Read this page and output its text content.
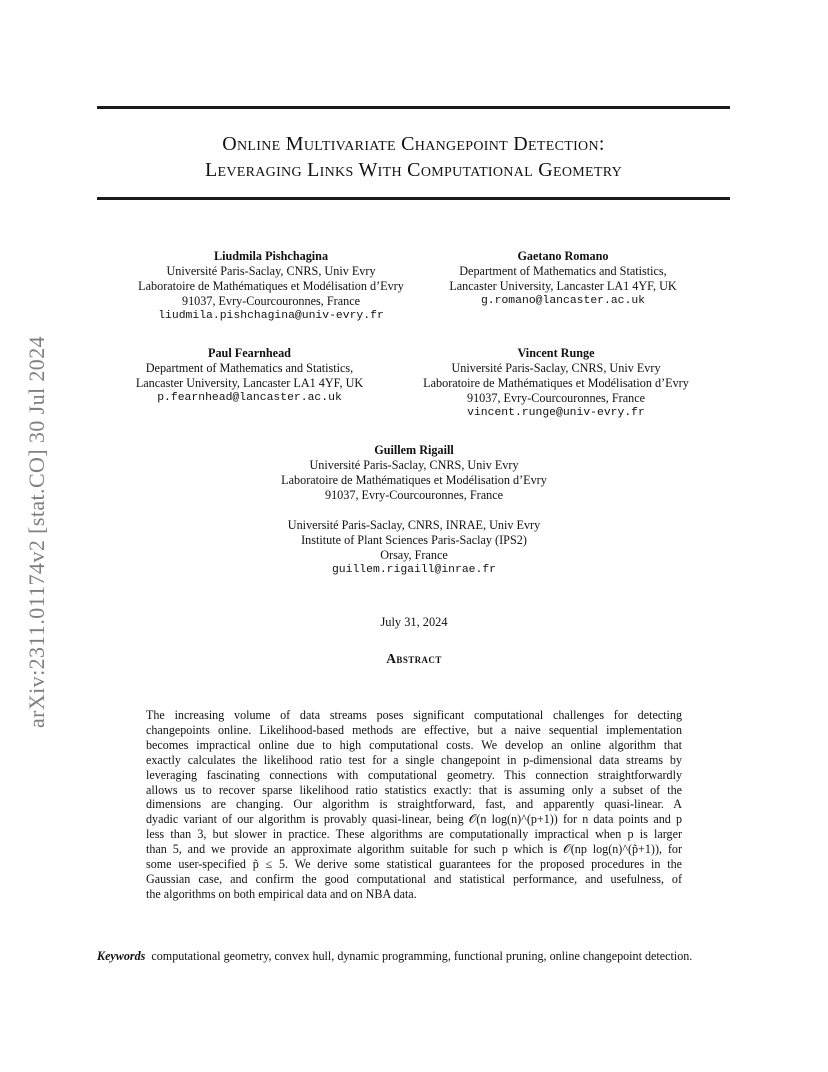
arXiv:2311.01174v2 [stat.CO] 30 Jul 2024
Online Multivariate Changepoint Detection:
Leveraging Links With Computational Geometry
Liudmila Pishchagina
Université Paris-Saclay, CNRS, Univ Evry
Laboratoire de Mathématiques et Modélisation d’Evry
91037, Evry-Courcouronnes, France
liudmila.pishchagina@univ-evry.fr
Gaetano Romano
Department of Mathematics and Statistics,
Lancaster University, Lancaster LA1 4YF, UK
g.romano@lancaster.ac.uk
Paul Fearnhead
Department of Mathematics and Statistics,
Lancaster University, Lancaster LA1 4YF, UK
p.fearnhead@lancaster.ac.uk
Vincent Runge
Université Paris-Saclay, CNRS, Univ Evry
Laboratoire de Mathématiques et Modélisation d’Evry
91037, Evry-Courcouronnes, France
vincent.runge@univ-evry.fr
Guillem Rigaill
Université Paris-Saclay, CNRS, Univ Evry
Laboratoire de Mathématiques et Modélisation d’Evry
91037, Evry-Courcouronnes, France
Université Paris-Saclay, CNRS, INRAE, Univ Evry
Institute of Plant Sciences Paris-Saclay (IPS2)
Orsay, France
guillem.rigaill@inrae.fr
July 31, 2024
Abstract
The increasing volume of data streams poses significant computational challenges for detecting
changepoints online. Likelihood-based methods are effective, but a naive sequential implementation
becomes impractical online due to high computational costs. We develop an online algorithm that
exactly calculates the likelihood ratio test for a single changepoint in p-dimensional data streams by
leveraging fascinating connections with computational geometry. This connection straightforwardly
allows us to recover sparse likelihood ratio statistics exactly: that is assuming only a subset of the
dimensions are changing. Our algorithm is straightforward, fast, and apparently quasi-linear. A
dyadic variant of our algorithm is provably quasi-linear, being 𝒪(n log(n)^(p+1)) for n data points and p
less than 3, but slower in practice. These algorithms are computationally impractical when p is larger
than 5, and we provide an approximate algorithm suitable for such p which is 𝒪(np log(n)^(p̃+1)), for
some user-specified p̃ ≤ 5. We derive some statistical guarantees for the proposed procedures in the
Gaussian case, and confirm the good computational and statistical performance, and usefulness, of
the algorithms on both empirical data and on NBA data.
Keywords computational geometry, convex hull, dynamic programming, functional pruning, online changepoint detection.
